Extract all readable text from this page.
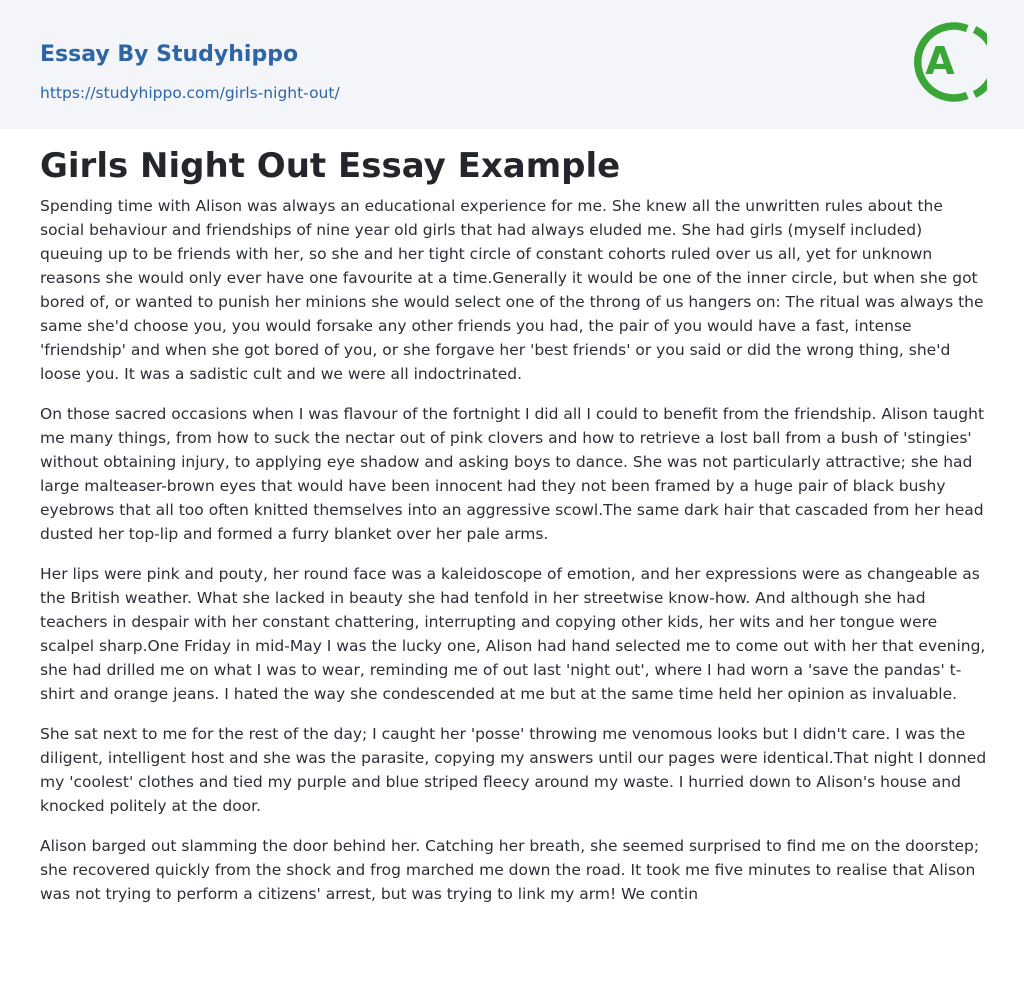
Essay By Studyhippo
https://studyhippo.com/girls-night-out/
A
Girls Night Out Essay Example

Spending time with Alison was always an educational experience for me. She knew all the unwritten rules about the social behaviour and friendships of nine year old girls that had always eluded me. She had girls (myself included) queuing up to be friends with her, so she and her tight circle of constant cohorts ruled over us all, yet for unknown reasons she would only ever have one favourite at a time.Generally it would be one of the inner circle, but when she got bored of, or wanted to punish her minions she would select one of the throng of us hangers on: The ritual was always the same she'd choose you, you would forsake any other friends you had, the pair of you would have a fast, intense 'friendship' and when she got bored of you, or she forgave her 'best friends' or you said or did the wrong thing, she'd loose you. It was a sadistic cult and we were all indoctrinated.

On those sacred occasions when I was flavour of the fortnight I did all I could to benefit from the friendship. Alison taught me many things, from how to suck the nectar out of pink clovers and how to retrieve a lost ball from a bush of 'stingies' without obtaining injury, to applying eye shadow and asking boys to dance. She was not particularly attractive; she had large malteaser-brown eyes that would have been innocent had they not been framed by a huge pair of black bushy eyebrows that all too often knitted themselves into an aggressive scowl.The same dark hair that cascaded from her head dusted her top-lip and formed a furry blanket over her pale arms.

Her lips were pink and pouty, her round face was a kaleidoscope of emotion, and her expressions were as changeable as the British weather. What she lacked in beauty she had tenfold in her streetwise know-how. And although she had teachers in despair with her constant chattering, interrupting and copying other kids, her wits and her tongue were scalpel sharp.One Friday in mid-May I was the lucky one, Alison had hand selected me to come out with her that evening, she had drilled me on what I was to wear, reminding me of out last 'night out', where I had worn a 'save the pandas' t-shirt and orange jeans. I hated the way she condescended at me but at the same time held her opinion as invaluable.

She sat next to me for the rest of the day; I caught her 'posse' throwing me venomous looks but I didn't care. I was the diligent, intelligent host and she was the parasite, copying my answers until our pages were identical.That night I donned my 'coolest' clothes and tied my purple and blue striped fleecy around my waste. I hurried down to Alison's house and knocked politely at the door.

Alison barged out slamming the door behind her. Catching her breath, she seemed surprised to find me on the doorstep; she recovered quickly from the shock and frog marched me down the road. It took me five minutes to realise that Alison was not trying to perform a citizens' arrest, but was trying to link my arm! We contin
